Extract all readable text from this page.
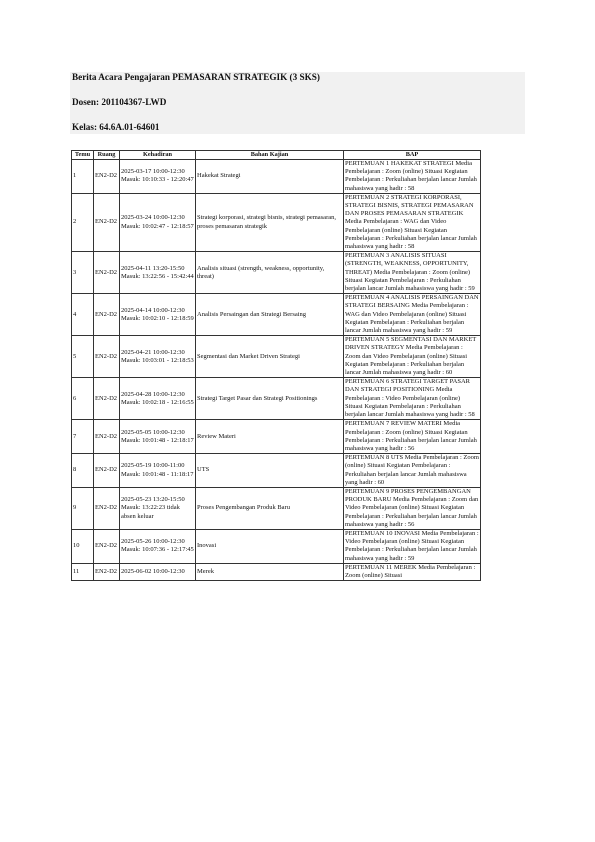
Berita Acara Pengajaran PEMASARAN STRATEGIK (3 SKS)
Dosen: 201104367-LWD
Kelas: 64.6A.01-64601
Temu	Ruang	Kehadiran	Bahan Kajian	BAP
1	EN2-D2	2025-03-17 10:00-12:30 Masuk: 10:10:33 - 12:20:47	Hakekat Strategi	PERTEMUAN 1 HAKEKAT STRATEGI Media Pembelajaran : Zoom (online) Situasi Kegiatan Pembelajaran : Perkuliahan berjalan lancar Jumlah mahasiswa yang hadir : 58
2	EN2-D2	2025-03-24 10:00-12:30 Masuk: 10:02:47 - 12:18:57	Strategi korporasi, strategi bisnis, strategi pemasaran, proses pemasaran strategik	PERTEMUAN 2 STRATEGI KORPORASI, STRATEGI BISNIS, STRATEGI PEMASARAN DAN PROSES PEMASARAN STRATEGIK Media Pembelajaran : WAG dan Video Pembelajaran (online) Situasi Kegiatan Pembelajaran : Perkuliahan berjalan lancar Jumlah mahasiswa yang hadir : 58
3	EN2-D2	2025-04-11 13:20-15:50 Masuk: 13:22:56 - 15:42:44	Analisis situasi (strength, weakness, opportunity, threat)	PERTEMUAN 3 ANALISIS SITUASI (STRENGTH, WEAKNESS, OPPORTUNITY, THREAT) Media Pembelajaran : Zoom (online) Situasi Kegiatan Pembelajaran : Perkuliahan berjalan lancar Jumlah mahasiswa yang hadir : 59
4	EN2-D2	2025-04-14 10:00-12:30 Masuk: 10:02:10 - 12:18:59	Analisis Persaingan dan Strategi Bersaing	PERTEMUAN 4 ANALISIS PERSAINGAN DAN STRATEGI BERSAING Media Pembelajaran : WAG dan Video Pembelajaran (online) Situasi Kegiatan Pembelajaran : Perkuliahan berjalan lancar Jumlah mahasiswa yang hadir : 59
5	EN2-D2	2025-04-21 10:00-12:30 Masuk: 10:03:01 - 12:18:53	Segmentasi dan Market Driven Strategi	PERTEMUAN 5 SEGMENTASI DAN MARKET DRIVEN STRATEGY Media Pembelajaran : Zoom dan Video Pembelajaran (online) Situasi Kegiatan Pembelajaran : Perkuliahan berjalan lancar Jumlah mahasiswa yang hadir : 60
6	EN2-D2	2025-04-28 10:00-12:30 Masuk: 10:02:18 - 12:16:55	Strategi Target Pasar dan Strategi Positionings	PERTEMUAN 6 STRATEGI TARGET PASAR DAN STRATEGI POSITIONING Media Pembelajaran : Video Pembelajaran (online) Situasi Kegiatan Pembelajaran : Perkuliahan berjalan lancar Jumlah mahasiswa yang hadir : 58
7	EN2-D2	2025-05-05 10:00-12:30 Masuk: 10:01:48 - 12:18:17	Review Materi	PERTEMUAN 7 REVIEW MATERI Media Pembelajaran : Zoom (online) Situasi Kegiatan Pembelajaran : Perkuliahan berjalan lancar Jumlah mahasiswa yang hadir : 56
8	EN2-D2	2025-05-19 10:00-11:00 Masuk: 10:01:48 - 11:18:17	UTS	PERTEMUAN 8 UTS Media Pembelajaran : Zoom (online) Situasi Kegiatan Pembelajaran : Perkuliahan berjalan lancar Jumlah mahasiswa yang hadir : 60
9	EN2-D2	2025-05-23 13:20-15:50 Masuk: 13:22:23 tidak absen keluar	Proses Pengembangan Produk Baru	PERTEMUAN 9 PROSES PENGEMBANGAN PRODUK BARU Media Pembelajaran : Zoom dan Video Pembelajaran (online) Situasi Kegiatan Pembelajaran : Perkuliahan berjalan lancar Jumlah mahasiswa yang hadir : 56
10	EN2-D2	2025-05-26 10:00-12:30 Masuk: 10:07:36 - 12:17:45	Inovasi	PERTEMUAN 10 INOVASI Media Pembelajaran : Video Pembelajaran (online) Situasi Kegiatan Pembelajaran : Perkuliahan berjalan lancar Jumlah mahasiswa yang hadir : 59
11	EN2-D2	2025-06-02 10:00-12:30	Merek	PERTEMUAN 11 MEREK Media Pembelajaran : Zoom (online) Situasi
